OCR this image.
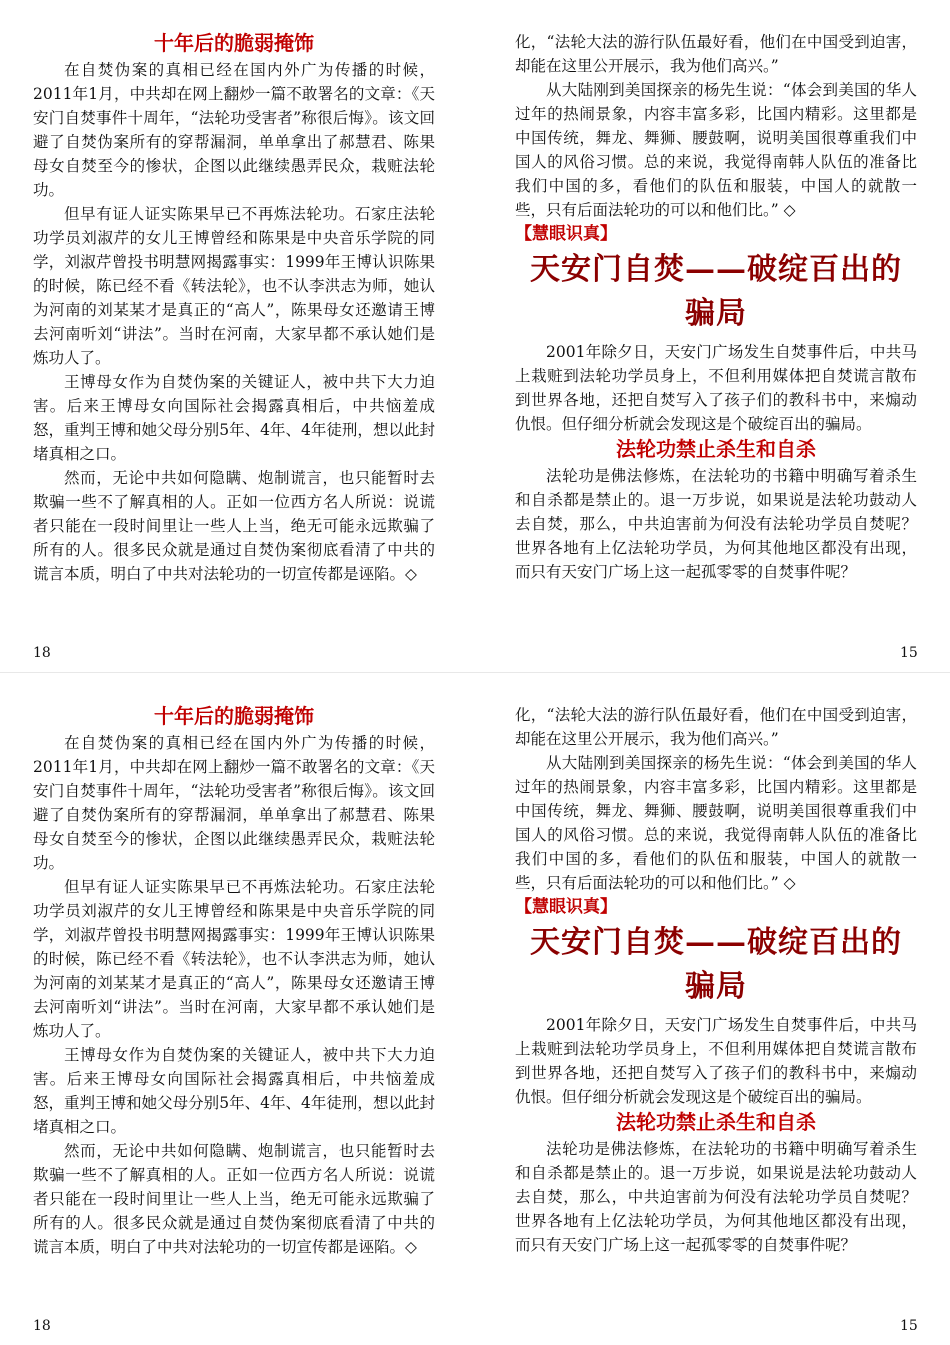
十年后的脆弱掩饰

在自焚伪案的真相已经在国内外广为传播的时候，2011年1月，中共却在网上翻炒一篇不敢署名的文章：《天安门自焚事件十周年，“法轮功受害者”称很后悔》。该文回避了自焚伪案所有的穿帮漏洞，单单拿出了郝慧君、陈果母女自焚至今的惨状，企图以此继续愚弄民众，栽赃法轮功。

但早有证人证实陈果早已不再炼法轮功。石家庄法轮功学员刘淑芹的女儿王博曾经和陈果是中央音乐学院的同学，刘淑芹曾投书明慧网揭露事实：1999年王博认识陈果的时候，陈已经不看《转法轮》，也不认李洪志为师，她认为河南的刘某某才是真正的“高人”，陈果母女还邀请王博去河南听刘“讲法”。当时在河南，大家早都不承认她们是炼功人了。

王博母女作为自焚伪案的关键证人，被中共下大力迫害。后来王博母女向国际社会揭露真相后，中共恼羞成怒，重判王博和她父母分别5年、4年、4年徒刑，想以此封堵真相之口。

然而，无论中共如何隐瞒、炮制谎言，也只能暂时去欺骗一些不了解真相的人。正如一位西方名人所说：说谎者只能在一段时间里让一些人上当，绝无可能永远欺骗了所有的人。很多民众就是通过自焚伪案彻底看清了中共的谎言本质，明白了中共对法轮功的一切宣传都是诬陷。◇

化，“法轮大法的游行队伍最好看，他们在中国受到迫害，却能在这里公开展示，我为他们高兴。”

从大陆刚到美国探亲的杨先生说：“体会到美国的华人过年的热闹景象，内容丰富多彩，比国内精彩。这里都是中国传统，舞龙、舞狮、腰鼓啊，说明美国很尊重我们中国人的风俗习惯。总的来说，我觉得南韩人队伍的准备比我们中国的多，看他们的队伍和服装，中国人的就散一些，只有后面法轮功的可以和他们比。” ◇

【慧眼识真】
天安门自焚——破绽百出的骗局

2001年除夕日，天安门广场发生自焚事件后，中共马上栽赃到法轮功学员身上，不但利用媒体把自焚谎言散布到世界各地，还把自焚写入了孩子们的教科书中，来煽动仇恨。但仔细分析就会发现这是个破绽百出的骗局。

法轮功禁止杀生和自杀

法轮功是佛法修炼，在法轮功的书籍中明确写着杀生和自杀都是禁止的。退一万步说，如果说是法轮功鼓动人去自焚，那么，中共迫害前为何没有法轮功学员自焚呢？世界各地有上亿法轮功学员，为何其他地区都没有出现，而只有天安门广场上这一起孤零零的自焚事件呢？

18	15
十年后的脆弱掩饰

在自焚伪案的真相已经在国内外广为传播的时候，2011年1月，中共却在网上翻炒一篇不敢署名的文章：《天安门自焚事件十周年，“法轮功受害者”称很后悔》。该文回避了自焚伪案所有的穿帮漏洞，单单拿出了郝慧君、陈果母女自焚至今的惨状，企图以此继续愚弄民众，栽赃法轮功。

但早有证人证实陈果早已不再炼法轮功。石家庄法轮功学员刘淑芹的女儿王博曾经和陈果是中央音乐学院的同学，刘淑芹曾投书明慧网揭露事实：1999年王博认识陈果的时候，陈已经不看《转法轮》，也不认李洪志为师，她认为河南的刘某某才是真正的“高人”，陈果母女还邀请王博去河南听刘“讲法”。当时在河南，大家早都不承认她们是炼功人了。

王博母女作为自焚伪案的关键证人，被中共下大力迫害。后来王博母女向国际社会揭露真相后，中共恼羞成怒，重判王博和她父母分别5年、4年、4年徒刑，想以此封堵真相之口。

然而，无论中共如何隐瞒、炮制谎言，也只能暂时去欺骗一些不了解真相的人。正如一位西方名人所说：说谎者只能在一段时间里让一些人上当，绝无可能永远欺骗了所有的人。很多民众就是通过自焚伪案彻底看清了中共的谎言本质，明白了中共对法轮功的一切宣传都是诬陷。◇

化，“法轮大法的游行队伍最好看，他们在中国受到迫害，却能在这里公开展示，我为他们高兴。”

从大陆刚到美国探亲的杨先生说：“体会到美国的华人过年的热闹景象，内容丰富多彩，比国内精彩。这里都是中国传统，舞龙、舞狮、腰鼓啊，说明美国很尊重我们中国人的风俗习惯。总的来说，我觉得南韩人队伍的准备比我们中国的多，看他们的队伍和服装，中国人的就散一些，只有后面法轮功的可以和他们比。” ◇

【慧眼识真】
天安门自焚——破绽百出的骗局

2001年除夕日，天安门广场发生自焚事件后，中共马上栽赃到法轮功学员身上，不但利用媒体把自焚谎言散布到世界各地，还把自焚写入了孩子们的教科书中，来煽动仇恨。但仔细分析就会发现这是个破绽百出的骗局。

法轮功禁止杀生和自杀

法轮功是佛法修炼，在法轮功的书籍中明确写着杀生和自杀都是禁止的。退一万步说，如果说是法轮功鼓动人去自焚，那么，中共迫害前为何没有法轮功学员自焚呢？世界各地有上亿法轮功学员，为何其他地区都没有出现，而只有天安门广场上这一起孤零零的自焚事件呢？

18	15
